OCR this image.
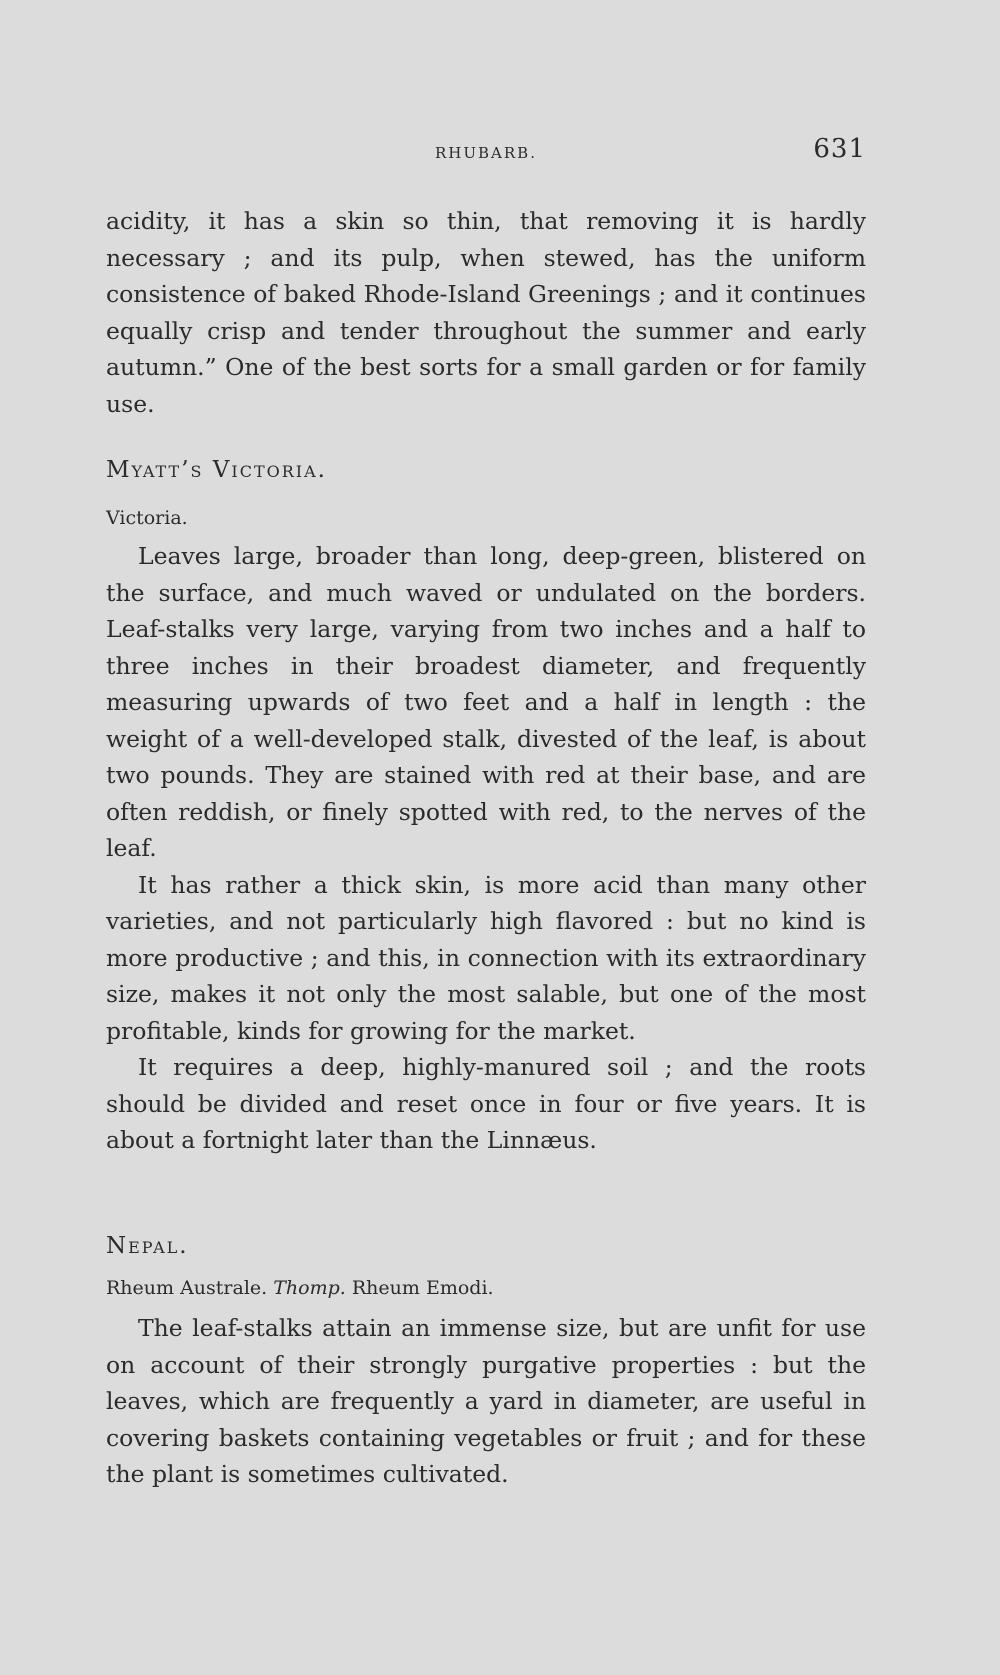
RHUBARB.	631

acidity, it has a skin so thin, that removing it is hardly necessary ; and its pulp, when stewed, has the uniform consistence of baked Rhode-Island Greenings ; and it continues equally crisp and tender throughout the summer and early autumn.” One of the best sorts for a small garden or for family use.

Myatt’s Victoria.

Victoria.

Leaves large, broader than long, deep-green, blistered on the surface, and much waved or undulated on the borders. Leaf-stalks very large, varying from two inches and a half to three inches in their broadest diameter, and frequently measuring upwards of two feet and a half in length : the weight of a well-developed stalk, divested of the leaf, is about two pounds. They are stained with red at their base, and are often reddish, or finely spotted with red, to the nerves of the leaf.

It has rather a thick skin, is more acid than many other varieties, and not particularly high flavored : but no kind is more productive ; and this, in connection with its extraordinary size, makes it not only the most salable, but one of the most profitable, kinds for growing for the market.

It requires a deep, highly-manured soil ; and the roots should be divided and reset once in four or five years. It is about a fortnight later than the Linnæus.

Nepal.

Rheum Australe. Thomp. Rheum Emodi.

The leaf-stalks attain an immense size, but are unfit for use on account of their strongly purgative properties : but the leaves, which are frequently a yard in diameter, are useful in covering baskets containing vegetables or fruit ; and for these the plant is sometimes cultivated.
